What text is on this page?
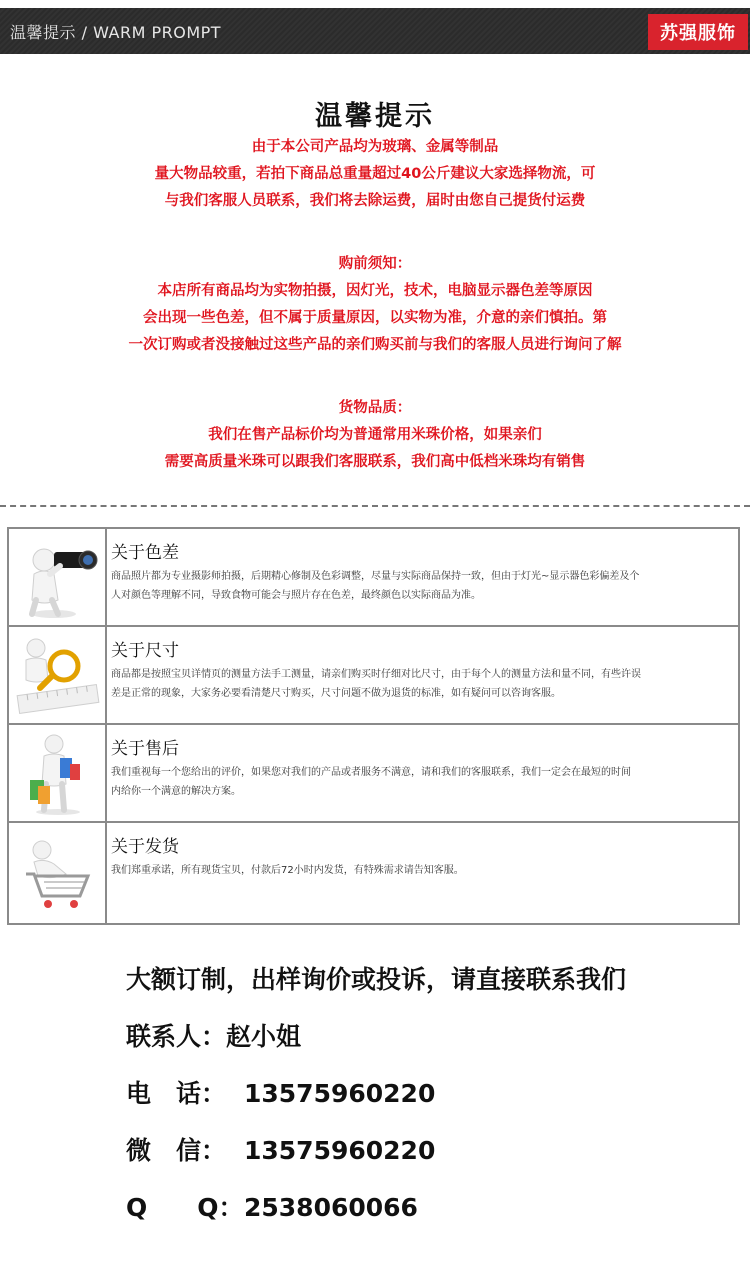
温馨提示 / WARM PROMPT	苏强服饰
温馨提示
由于本公司产品均为玻璃、金属等制品
量大物品较重，若拍下商品总重量超过40公斤建议大家选择物流，可
与我们客服人员联系，我们将去除运费，届时由您自己提货付运费
购前须知：
本店所有商品均为实物拍摄，因灯光，技术，电脑显示器色差等原因
会出现一些色差，但不属于质量原因，以实物为准，介意的亲们慎拍。第
一次订购或者没接触过这些产品的亲们购买前与我们的客服人员进行询问了解
货物品质：
我们在售产品标价均为普通常用米珠价格，如果亲们
需要高质量米珠可以跟我们客服联系，我们高中低档米珠均有销售
关于色差
商品照片都为专业摄影师拍摄，后期精心修制及色彩调整，尽量与实际商品保持一致，但由于灯光~显示器色彩偏差及个
人对颜色等理解不同，导致食物可能会与照片存在色差，最终颜色以实际商品为准。
关于尺寸
商品都是按照宝贝详情页的测量方法手工测量，请亲们购买时仔细对比尺寸，由于每个人的测量方法和量不同，有些许误
差是正常的现象，大家务必要看清楚尺寸购买，尺寸问题不做为退货的标准，如有疑问可以咨询客服。
关于售后
我们重视每一个您给出的评价，如果您对我们的产品或者服务不满意，请和我们的客服联系，我们一定会在最短的时间
内给你一个满意的解决方案。
关于发货
我们郑重承诺，所有现货宝贝，付款后72小时内发货，有特殊需求请告知客服。
大额订制，出样询价或投诉，请直接联系我们
联系人：赵小姐
电　话： 13575960220
微　信： 13575960220
Q　　Q：2538060066
